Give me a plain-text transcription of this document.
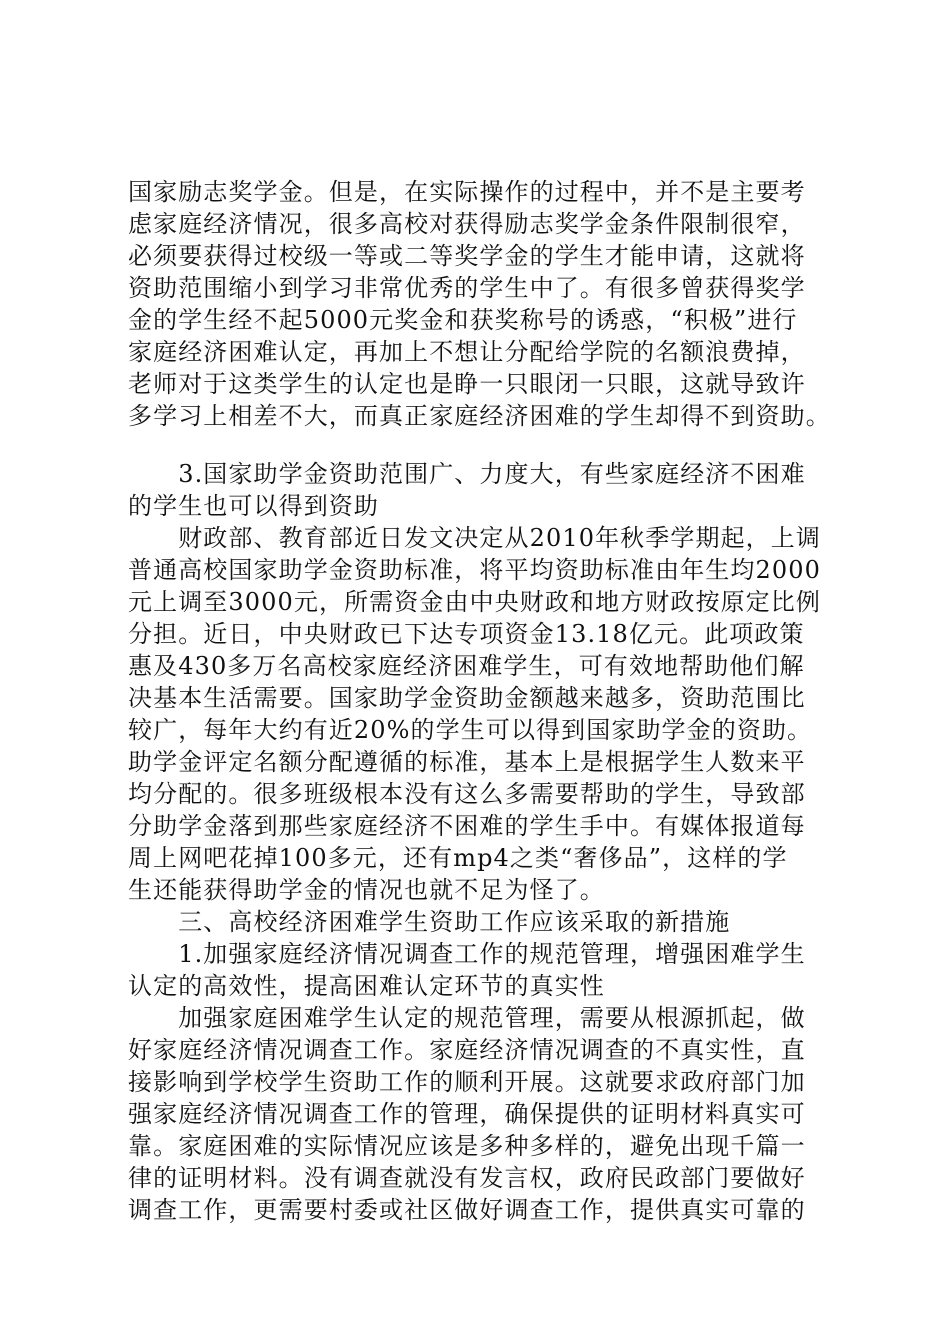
国家励志奖学金。但是，在实际操作的过程中，并不是主要考
虑家庭经济情况，很多高校对获得励志奖学金条件限制很窄，
必须要获得过校级一等或二等奖学金的学生才能申请，这就将
资助范围缩小到学习非常优秀的学生中了。有很多曾获得奖学
金的学生经不起5000元奖金和获奖称号的诱惑，“积极”进行
家庭经济困难认定，再加上不想让分配给学院的名额浪费掉，
老师对于这类学生的认定也是睁一只眼闭一只眼，这就导致许
多学习上相差不大，而真正家庭经济困难的学生却得不到资助。
　　3.国家助学金资助范围广、力度大，有些家庭经济不困难
的学生也可以得到资助
　　财政部、教育部近日发文决定从2010年秋季学期起，上调
普通高校国家助学金资助标准，将平均资助标准由年生均2000
元上调至3000元，所需资金由中央财政和地方财政按原定比例
分担。近日，中央财政已下达专项资金13.18亿元。此项政策
惠及430多万名高校家庭经济困难学生，可有效地帮助他们解
决基本生活需要。国家助学金资助金额越来越多，资助范围比
较广，每年大约有近20%的学生可以得到国家助学金的资助。
助学金评定名额分配遵循的标准，基本上是根据学生人数来平
均分配的。很多班级根本没有这么多需要帮助的学生，导致部
分助学金落到那些家庭经济不困难的学生手中。有媒体报道每
周上网吧花掉100多元，还有mp4之类“奢侈品”，这样的学
生还能获得助学金的情况也就不足为怪了。
　　三、高校经济困难学生资助工作应该采取的新措施
　　1.加强家庭经济情况调查工作的规范管理，增强困难学生
认定的高效性，提高困难认定环节的真实性
　　加强家庭困难学生认定的规范管理，需要从根源抓起，做
好家庭经济情况调查工作。家庭经济情况调查的不真实性，直
接影响到学校学生资助工作的顺利开展。这就要求政府部门加
强家庭经济情况调查工作的管理，确保提供的证明材料真实可
靠。家庭困难的实际情况应该是多种多样的，避免出现千篇一
律的证明材料。没有调查就没有发言权，政府民政部门要做好
调查工作，更需要村委或社区做好调查工作，提供真实可靠的
